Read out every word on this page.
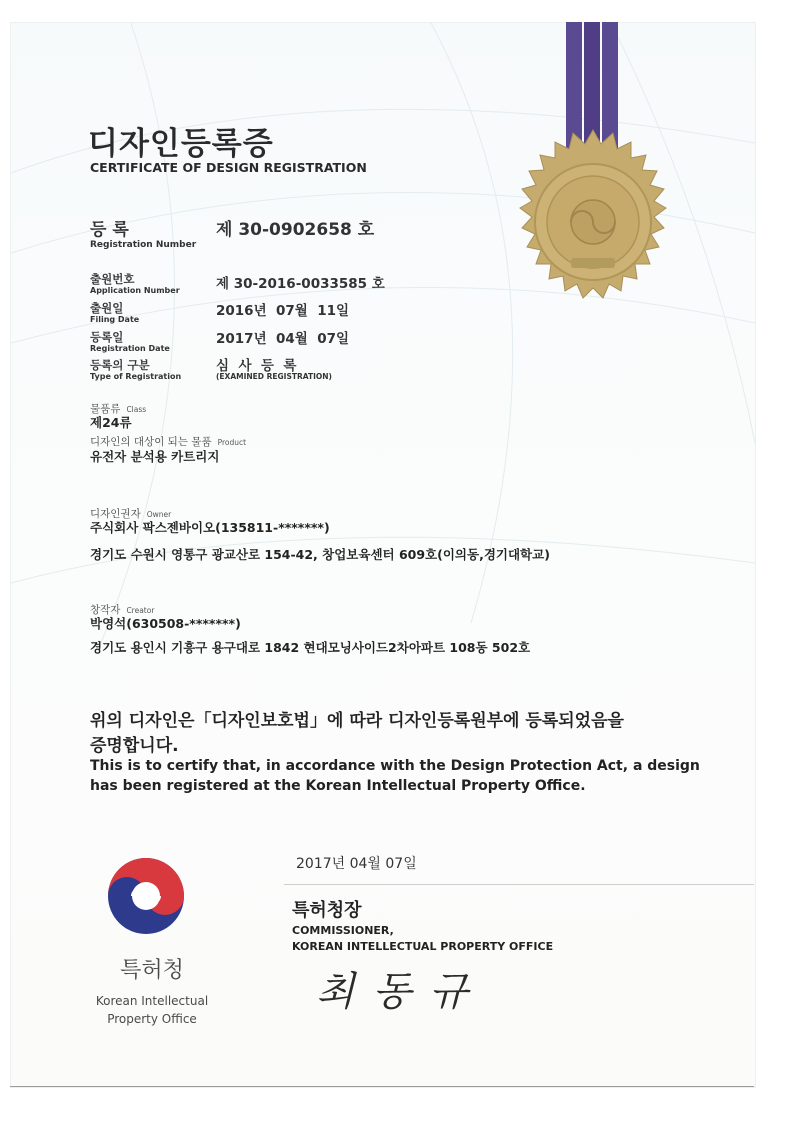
디자인등록증
CERTIFICATE OF DESIGN REGISTRATION
등 록
Registration Number
제 30-0902658 호
출원번호
Application Number	제 30-2016-0033585 호
출원일
Filing Date
2016년  07월  11일
등록일
Registration Date
2017년  04월  07일
등록의 구분
Type of Registration
심  사  등  록
(EXAMINED REGISTRATION)
물품류 Class
제24류
디자인의 대상이 되는 물품 Product
유전자 분석용 카트리지
디자인권자 Owner
주식회사 팍스젠바이오(135811-*******)
경기도 수원시 영통구 광교산로 154-42, 창업보육센터 609호(이의동,경기대학교)
창작자 Creator
박영석(630508-*******)
경기도 용인시 기흥구 용구대로 1842 현대모닝사이드2차아파트 108동 502호
위의 디자인은「디자인보호법」에 따라 디자인등록원부에 등록되었음을
증명합니다.
This is to certify that, in accordance with the Design Protection Act, a design
has been registered at the Korean Intellectual Property Office.
2017년 04월 07일
특허청장
COMMISSIONER,
KOREAN INTELLECTUAL PROPERTY OFFICE
최동규
특허청
Korean Intellectual
Property Office
